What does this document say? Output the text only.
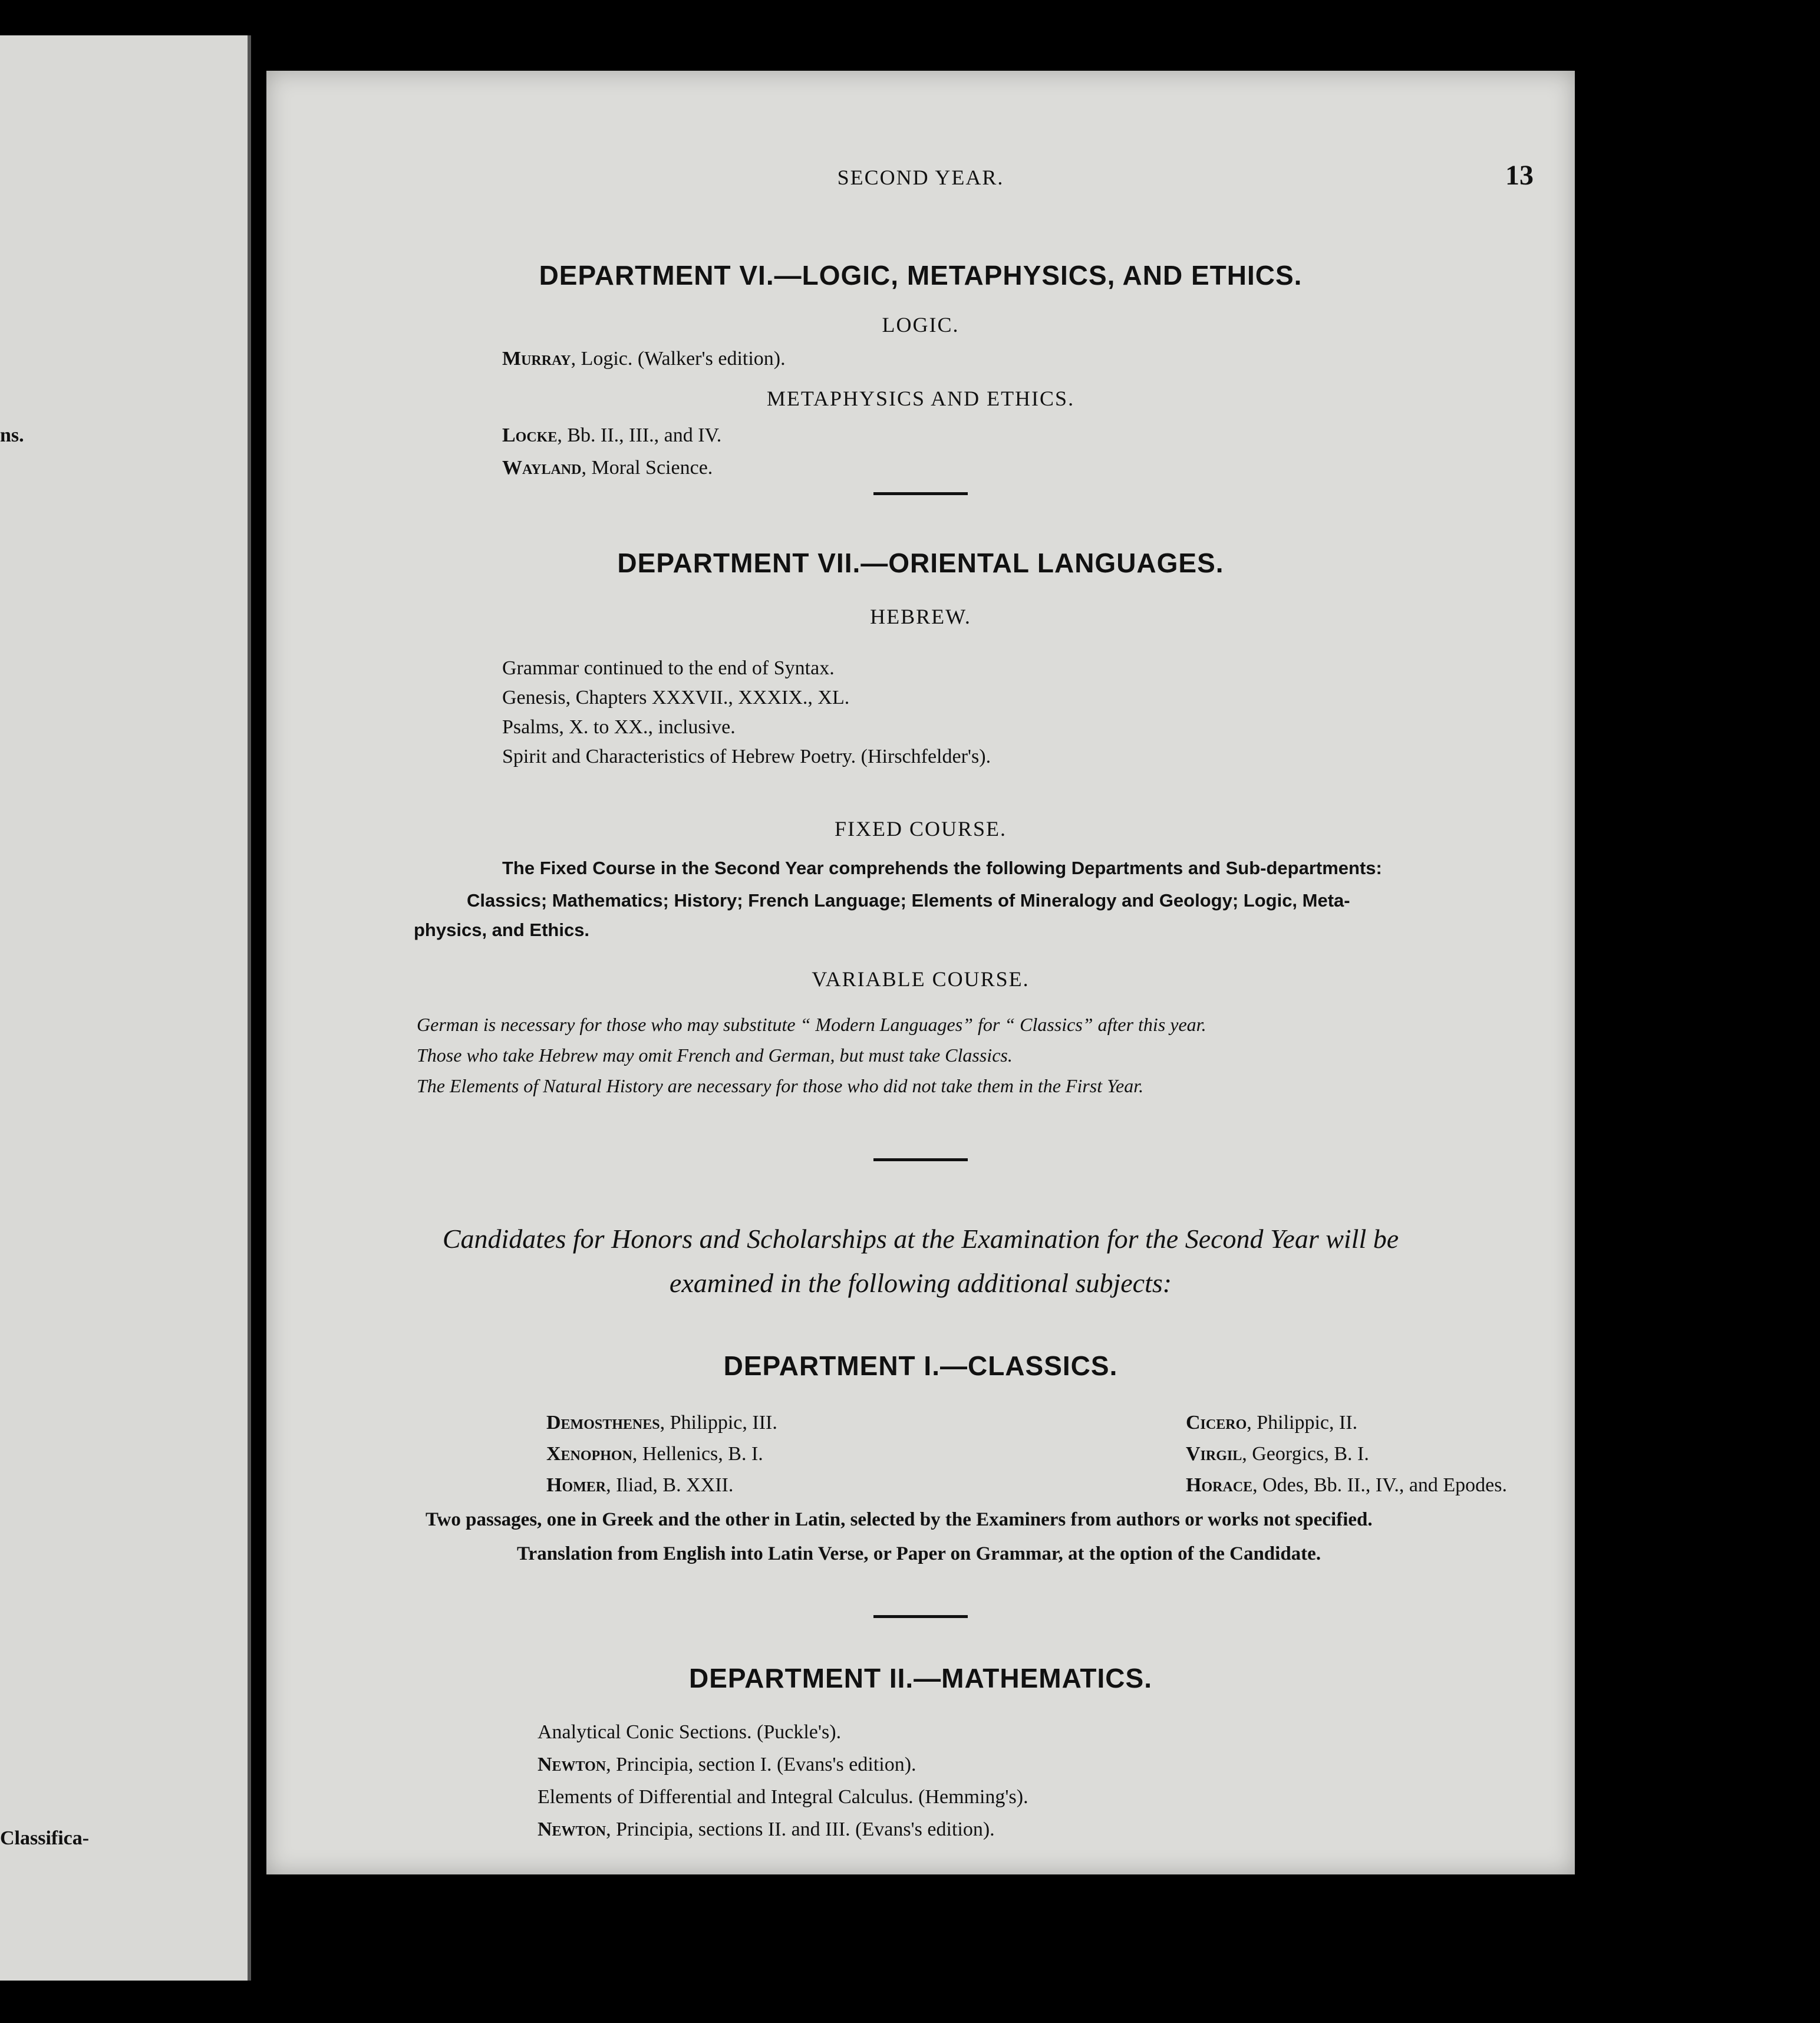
ns.
Classifica-
SECOND YEAR.	13
DEPARTMENT VI.—LOGIC, METAPHYSICS, AND ETHICS.
LOGIC.
Murray, Logic. (Walker's edition).
METAPHYSICS AND ETHICS.
Locke, Bb. II., III., and IV.
Wayland, Moral Science.
DEPARTMENT VII.—ORIENTAL LANGUAGES.
HEBREW.
Grammar continued to the end of Syntax.
Genesis, Chapters XXXVII., XXXIX., XL.
Psalms, X. to XX., inclusive.
Spirit and Characteristics of Hebrew Poetry. (Hirschfelder's).
FIXED COURSE.
The Fixed Course in the Second Year comprehends the following Departments and Sub-departments:
Classics; Mathematics; History; French Language; Elements of Mineralogy and Geology; Logic, Meta-
physics, and Ethics.
VARIABLE COURSE.
German is necessary for those who may substitute “ Modern Languages” for “ Classics” after this year.
Those who take Hebrew may omit French and German, but must take Classics.
The Elements of Natural History are necessary for those who did not take them in the First Year.
Candidates for Honors and Scholarships at the Examination for the Second Year will be
examined in the following additional subjects:
DEPARTMENT I.—CLASSICS.
Demosthenes, Philippic, III.
Xenophon, Hellenics, B. I.
Homer, Iliad, B. XXII.
Cicero, Philippic, II.
Virgil, Georgics, B. I.
Horace, Odes, Bb. II., IV., and Epodes.
Two passages, one in Greek and the other in Latin, selected by the Examiners from authors or works not specified.
Translation from English into Latin Verse, or Paper on Grammar, at the option of the Candidate.
DEPARTMENT II.—MATHEMATICS.
Analytical Conic Sections. (Puckle's).
Newton, Principia, section I. (Evans's edition).
Elements of Differential and Integral Calculus. (Hemming's).
Newton, Principia, sections II. and III. (Evans's edition).
